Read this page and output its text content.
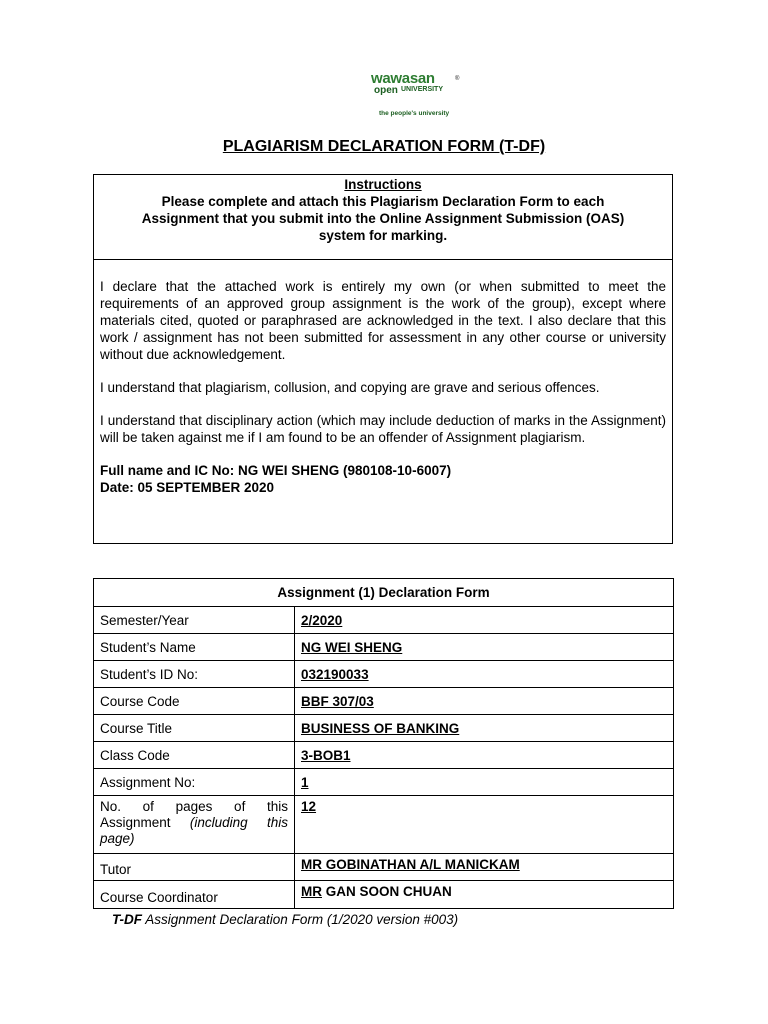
wawasan	®
open UNIVERSITY
the people's university
PLAGIARISM DECLARATION FORM (T-DF)
Instructions
Please complete and attach this Plagiarism Declaration Form to each
Assignment that you submit into the Online Assignment Submission (OAS)
system for marking.

I declare that the attached work is entirely my own (or when submitted to meet the requirements of an approved group assignment is the work of the group), except where materials cited, quoted or paraphrased are acknowledged in the text. I also declare that this work / assignment has not been submitted for assessment in any other course or university without due acknowledgement.

I understand that plagiarism, collusion, and copying are grave and serious offences.

I understand that disciplinary action (which may include deduction of marks in the Assignment) will be taken against me if I am found to be an offender of Assignment plagiarism.

Full name and IC No: NG WEI SHENG (980108-10-6007)

Date: 05 SEPTEMBER 2020

Assignment (1) Declaration Form	
Semester/Year	2/2020
Student’s Name	NG WEI SHENG
Student’s ID No:	032190033
Course Code	BBF 307/03
Course Title	BUSINESS OF BANKING
Class Code	3-BOB1
Assignment No:	1
No. of pages of this Assignment (including this page)	12
Tutor	MR GOBINATHAN A/L MANICKAM
Course Coordinator	MR GAN SOON CHUAN
T-DF Assignment Declaration Form (1/2020 version #003)
